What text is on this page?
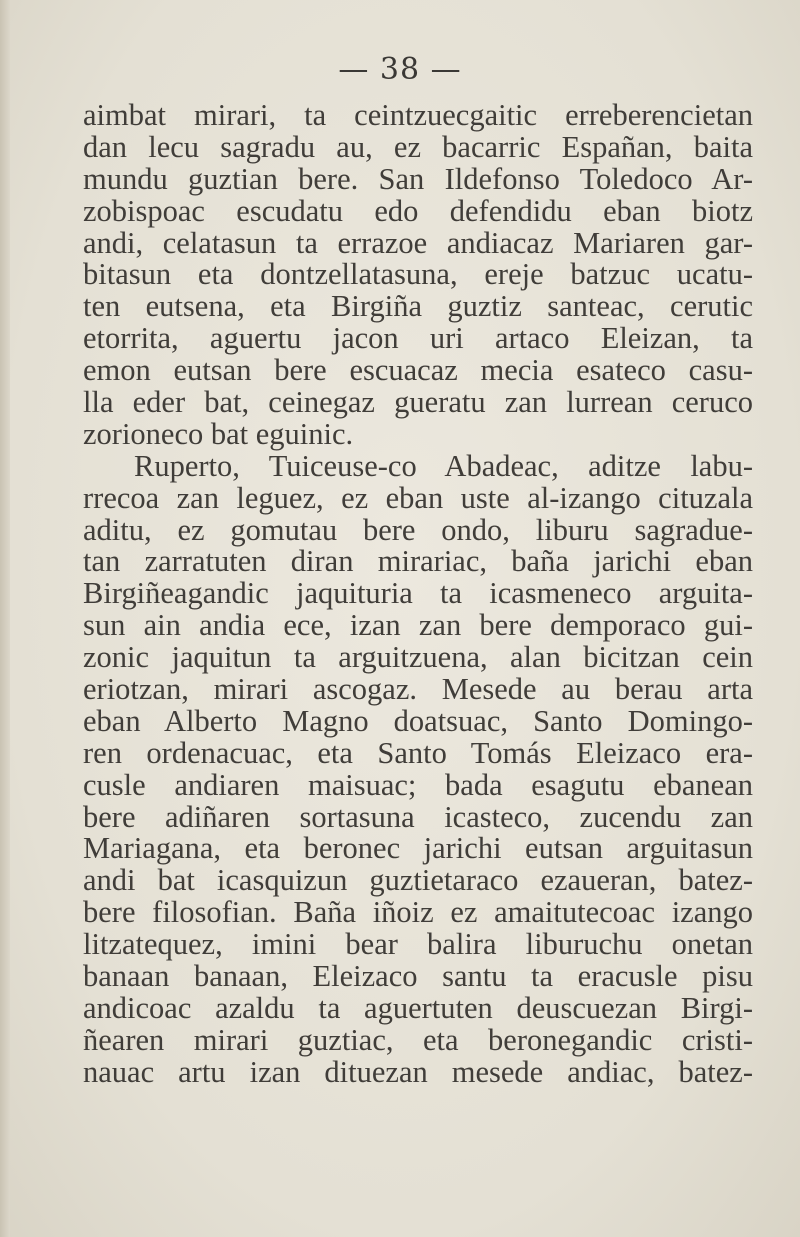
— 38 —
aimbat mirari, ta ceintzuecgaitic erreberencietan
dan lecu sagradu au, ez bacarric Españan, baita
mundu guztian bere. San Ildefonso Toledoco Ar-
zobispoac escudatu edo defendidu eban biotz
andi, celatasun ta errazoe andiacaz Mariaren gar-
bitasun eta dontzellatasuna, ereje batzuc ucatu-
ten eutsena, eta Birgiña guztiz santeac, cerutic
etorrita, aguertu jacon uri artaco Eleizan, ta
emon eutsan bere escuacaz mecia esateco casu-
lla eder bat, ceinegaz gueratu zan lurrean ceruco
zorioneco bat eguinic.
Ruperto, Tuiceuse-co Abadeac, aditze labu-
rrecoa zan leguez, ez eban uste al-izango cituzala
aditu, ez gomutau bere ondo, liburu sagradue-
tan zarratuten diran mirariac, baña jarichi eban
Birgiñeagandic jaquituria ta icasmeneco arguita-
sun ain andia ece, izan zan bere demporaco gui-
zonic jaquitun ta arguitzuena, alan bicitzan cein
eriotzan, mirari ascogaz. Mesede au berau arta
eban Alberto Magno doatsuac, Santo Domingo-
ren ordenacuac, eta Santo Tomás Eleizaco era-
cusle andiaren maisuac; bada esagutu ebanean
bere adiñaren sortasuna icasteco, zucendu zan
Mariagana, eta beronec jarichi eutsan arguitasun
andi bat icasquizun guztietaraco ezaueran, batez-
bere filosofian. Baña iñoiz ez amaitutecoac izango
litzatequez, imini bear balira liburuchu onetan
banaan banaan, Eleizaco santu ta eracusle pisu
andicoac azaldu ta aguertuten deuscuezan Birgi-
ñearen mirari guztiac, eta beronegandic cristi-
nauac artu izan dituezan mesede andiac, batez-
